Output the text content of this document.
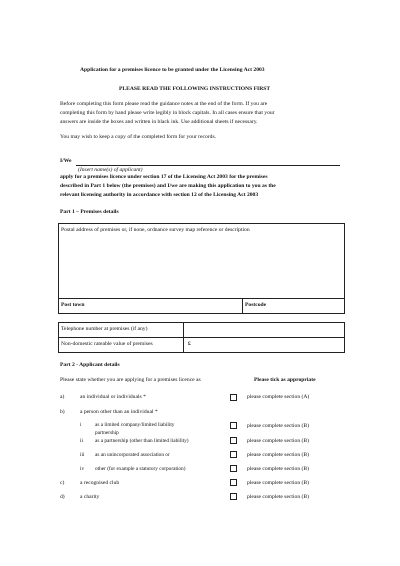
Application for a premises licence to be granted under the Licensing Act 2003
PLEASE READ THE FOLLOWING INSTRUCTIONS FIRST
Before completing this form please read the guidance notes at the end of the form. If you are
completing this form by hand please write legibly in block capitals. In all cases ensure that your
answers are inside the boxes and written in black ink. Use additional sheets if necessary.
You may wish to keep a copy of the completed form for your records.
I/We
(Insert name(s) of applicant)
apply for a premises licence under section 17 of the Licensing Act 2003 for the premises
described in Part 1 below (the premises) and I/we are making this application to you as the
relevant licensing authority in accordance with section 12 of the Licensing Act 2003
Part 1 – Premises details
Postal address of premises or, if none, ordnance survey map reference or description
Post town	Postcode
Telephone number at premises (if any)
Non-domestic rateable value of premises	£
Part 2 - Applicant details
Please state whether you are applying for a premises licence as	Please tick as appropriate
a)	an individual or individuals *	please complete section (A)
b)	a person other than an individual *
i	as a limited company/limited liability
partnership
please complete section (B)
ii as a partnership (other than limited liability)	please complete section (B)
iii as an unincorporated association or	please complete section (B)
iv other (for example a statutory corporation)	please complete section (B)
c)	a recognised club	please complete section (B)
d)	a charity	please complete section (B)
